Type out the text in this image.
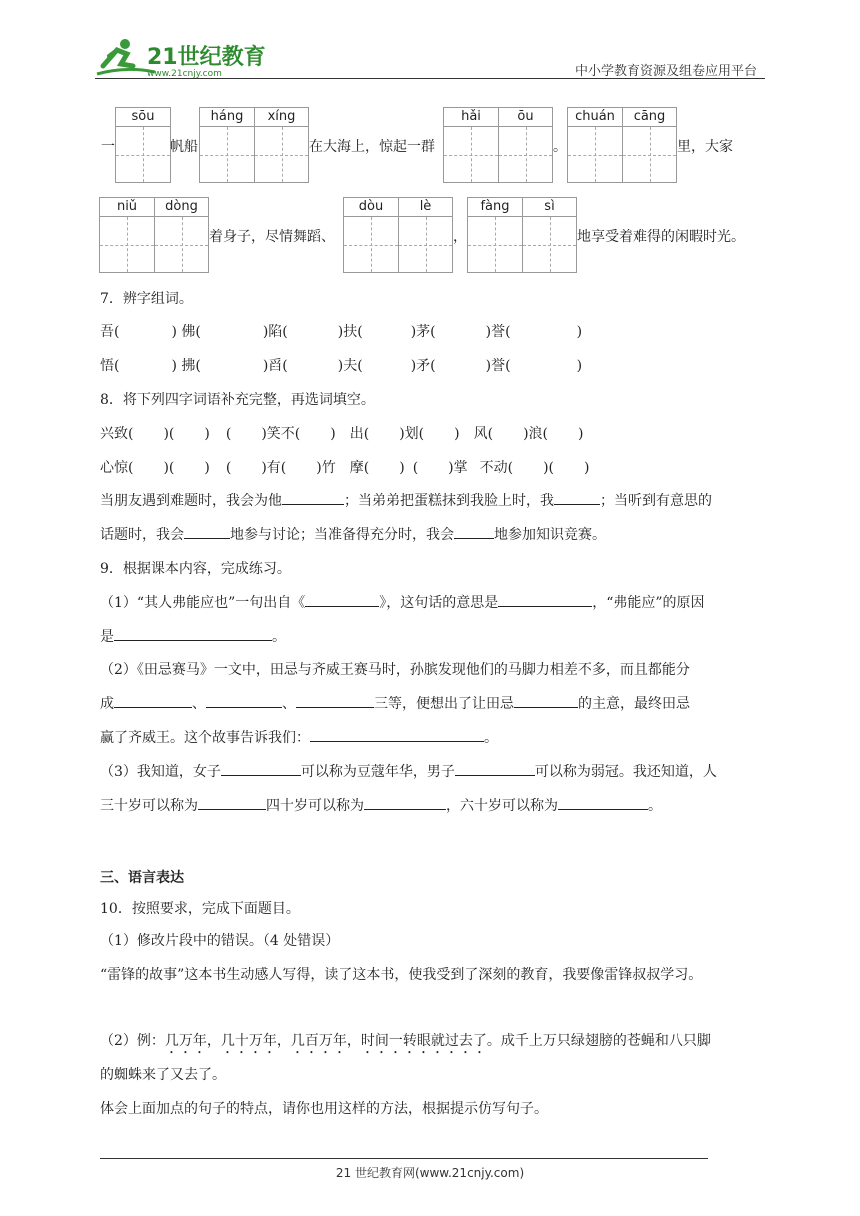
21世纪教育
www.21cnjy.com	中小学教育资源及组卷应用平台
一
sōu
帆船
háng	xíng
在大海上，惊起一群
hǎi	ōu
。
chuán	cāng
里，大家
niǔ	dòng
着身子，尽情舞蹈、
dòu	lè
，
fàng	sì
地享受着难得的闲暇时光。
7．辨字组词。
吾(	) 佛(	)陷(	)扶(	)茅(	)誉(	)
悟(	) 拂(	)舀(	)夫(	)矛(	)誉(	)
8．将下列四字词语补充完整，再选词填空。
兴致( )( ) ( )笑不( ) 出( )划( ) 风( )浪( )
心惊( )( ) ( )有( )竹 摩( ) ( )掌 不动( )( )
当朋友遇到难题时，我会为他	；当弟弟把蛋糕抹到我脸上时，我	；当听到有意思的
话题时，我会	地参与讨论；当准备得充分时，我会	地参加知识竞赛。
9．根据课本内容，完成练习。
（1）“其人弗能应也”一句出自《	》，这句话的意思是	，“弗能应”的原因
是	。
（2）《田忌赛马》一文中，田忌与齐威王赛马时，孙膑发现他们的马脚力相差不多，而且都能分
成	、	、	三等，便想出了让田忌	的主意，最终田忌
赢了齐威王。这个故事告诉我们：	。
（3）我知道，女子	可以称为豆蔻年华，男子	可以称为弱冠。我还知道，人
三十岁可以称为	四十岁可以称为	，六十岁可以称为	。
三、语言表达
10．按照要求，完成下面题目。
（1）修改片段中的错误。（4 处错误）
“雷锋的故事”这本书生动感人写得，读了这本书，使我受到了深刻的教育，我要像雷锋叔叔学习。
（2）例：几万年，几十万年，几百万年，时间一转眼就过去了。成千上万只绿翅膀的苍蝇和八只脚
的蜘蛛来了又去了。
体会上面加点的句子的特点，请你也用这样的方法，根据提示仿写句子。
21 世纪教育网(www.21cnjy.com)
